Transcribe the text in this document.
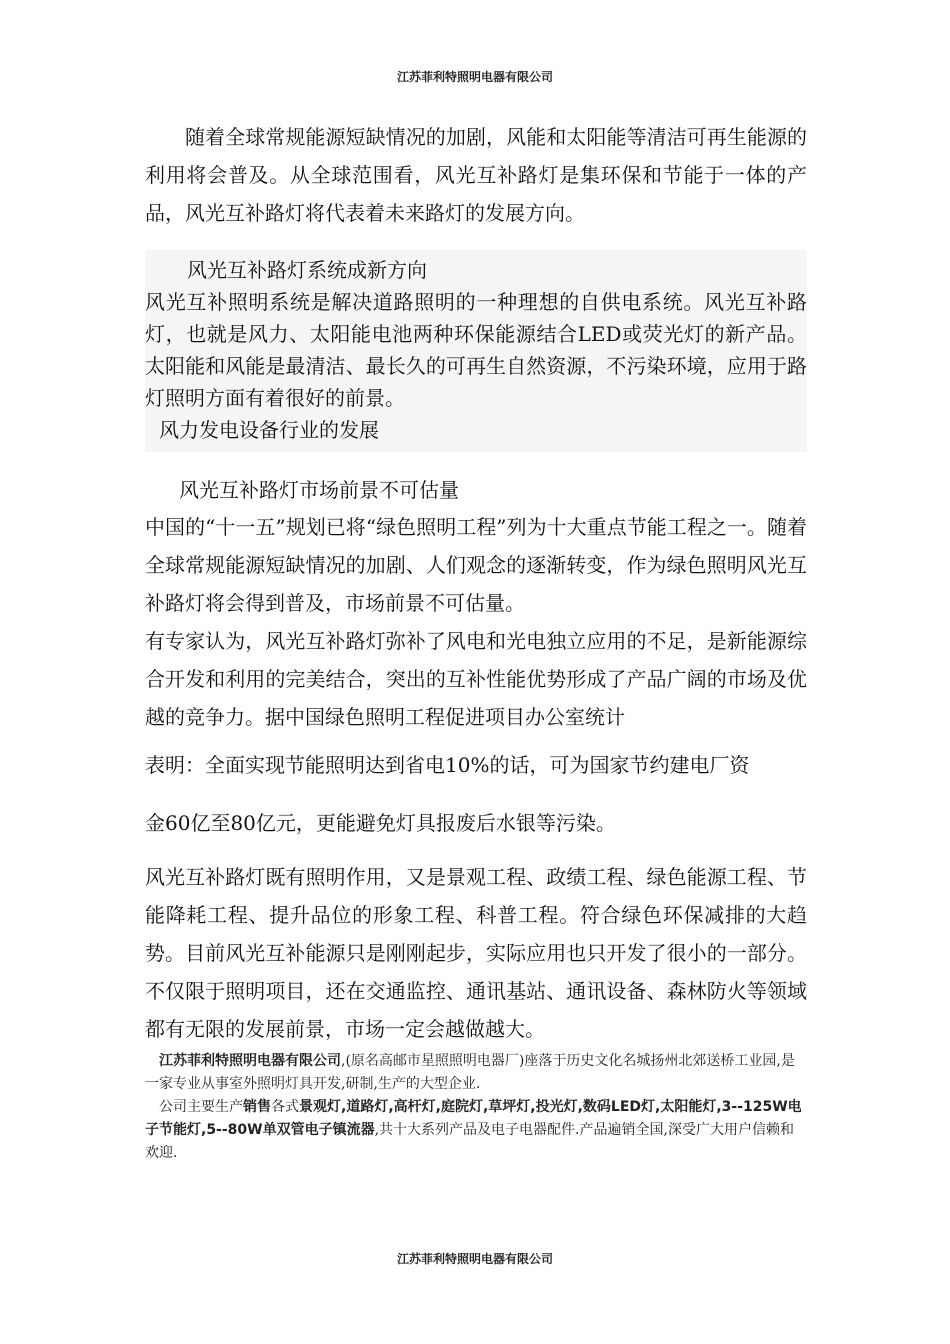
江苏菲利特照明电器有限公司

随着全球常规能源短缺情况的加剧，风能和太阳能等清洁可再生能源的利用将会普及。从全球范围看，风光互补路灯是集环保和节能于一体的产品，风光互补路灯将代表着未来路灯的发展方向。

风光互补路灯系统成新方向

风光互补照明系统是解决道路照明的一种理想的自供电系统。风光互补路灯，也就是风力、太阳能电池两种环保能源结合LED或荧光灯的新产品。太阳能和风能是最清洁、最长久的可再生自然资源，不污染环境，应用于路灯照明方面有着很好的前景。

风力发电设备行业的发展

风光互补路灯市场前景不可估量

中国的“十一五”规划已将“绿色照明工程”列为十大重点节能工程之一。随着全球常规能源短缺情况的加剧、人们观念的逐渐转变，作为绿色照明风光互补路灯将会得到普及，市场前景不可估量。

有专家认为，风光互补路灯弥补了风电和光电独立应用的不足，是新能源综合开发和利用的完美结合，突出的互补性能优势形成了产品广阔的市场及优越的竞争力。据中国绿色照明工程促进项目办公室统计

表明：全面实现节能照明达到省电10%的话，可为国家节约建电厂资

金60亿至80亿元，更能避免灯具报废后水银等污染。

风光互补路灯既有照明作用，又是景观工程、政绩工程、绿色能源工程、节能降耗工程、提升品位的形象工程、科普工程。符合绿色环保减排的大趋势。目前风光互补能源只是刚刚起步，实际应用也只开发了很小的一部分。不仅限于照明项目，还在交通监控、通讯基站、通讯设备、森林防火等领域都有无限的发展前景，市场一定会越做越大。

江苏菲利特照明电器有限公司,(原名高邮市星照照明电器厂)座落于历史文化名城扬州北郊送桥工业园,是一家专业从事室外照明灯具开发,研制,生产的大型企业.

公司主要生产销售各式景观灯,道路灯,高杆灯,庭院灯,草坪灯,投光灯,数码LED灯,太阳能灯,3--125W电子节能灯,5--80W单双管电子镇流器,共十大系列产品及电子电器配件.产品遍销全国,深受广大用户信赖和欢迎.

江苏菲利特照明电器有限公司
